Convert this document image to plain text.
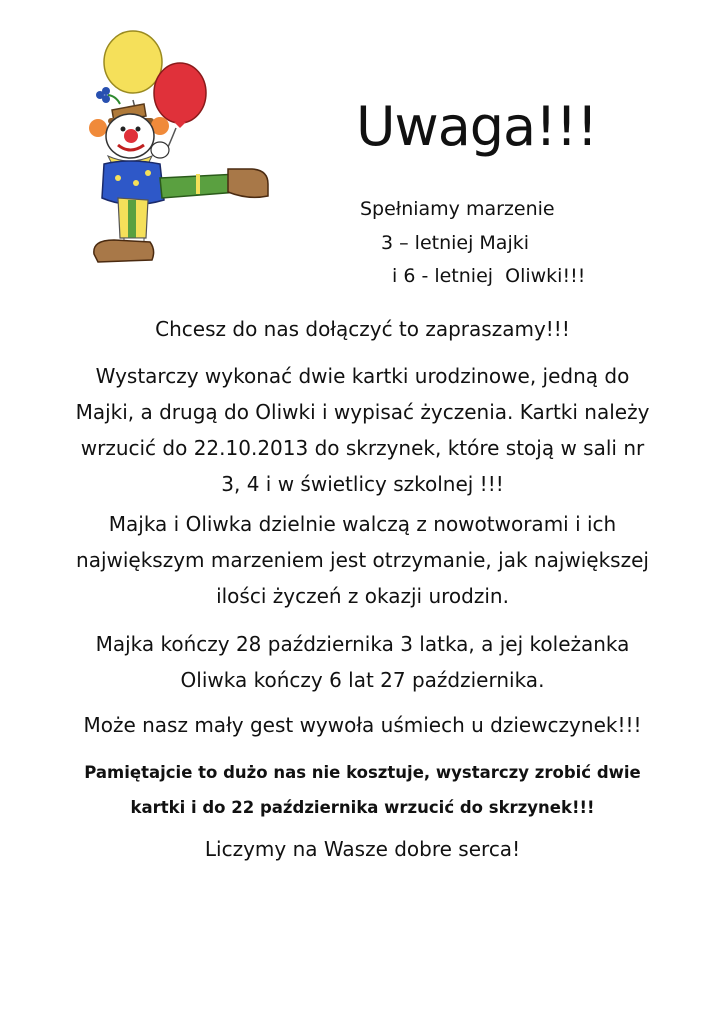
Uwaga!!!
Spełniamy marzenie
3 – letniej Majki
i 6 - letniej  Oliwki!!!

Chcesz do nas dołączyć to zapraszamy!!!

Wystarczy wykonać dwie kartki urodzinowe, jedną do Majki, a drugą do Oliwki i wypisać życzenia. Kartki należy wrzucić do 22.10.2013 do skrzynek, które stoją w sali nr 3, 4 i w świetlicy szkolnej !!!

Majka i Oliwka dzielnie walczą z nowotworami i ich największym marzeniem jest otrzymanie, jak największej ilości życzeń z okazji urodzin.

Majka kończy 28 października 3 latka, a jej koleżanka Oliwka kończy 6 lat 27 października.

Może nasz mały gest wywoła uśmiech u dziewczynek!!!

Pamiętajcie to dużo nas nie kosztuje, wystarczy zrobić dwie kartki i do 22 października wrzucić do skrzynek!!!

Liczymy na Wasze dobre serca!
